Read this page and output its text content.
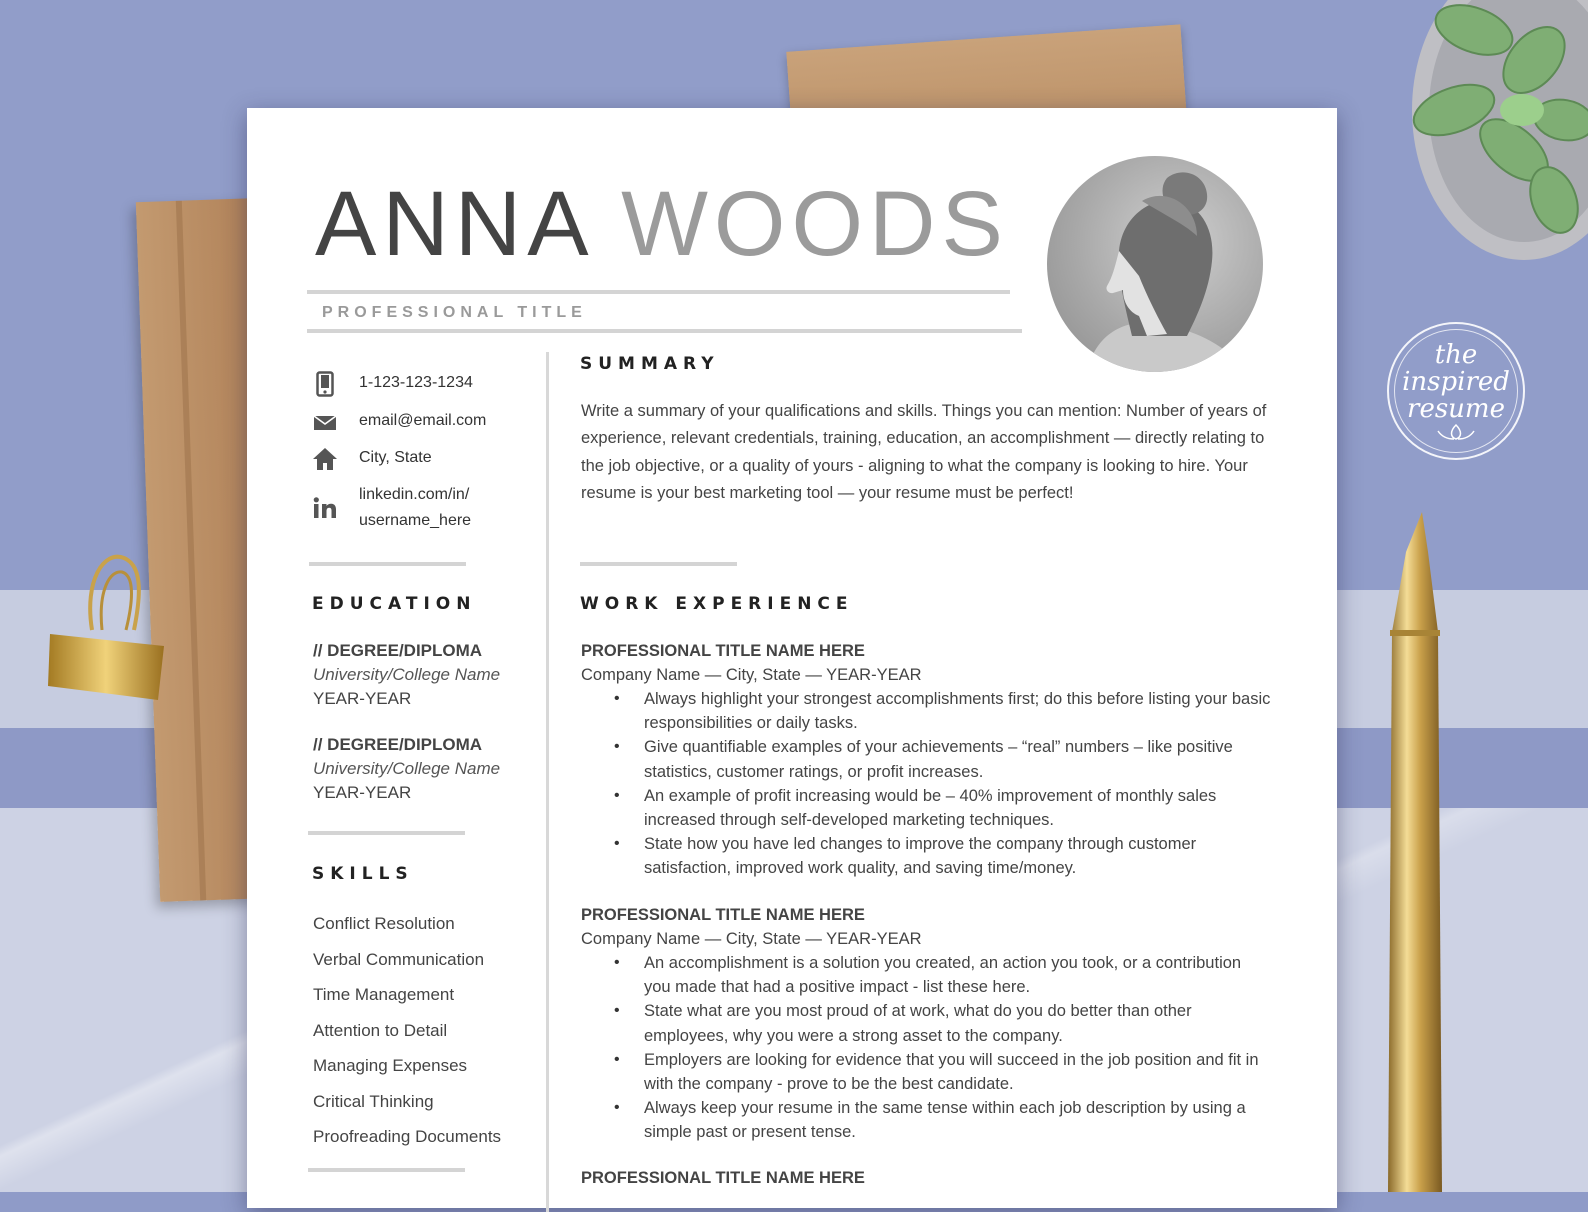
the
inspired
resume
ANNA WOODS
PROFESSIONAL TITLE
1-123-123-1234
email@email.com
City, State
linkedin.com/in/
username_here
EDUCATION
// DEGREE/DIPLOMA
University/College Name
YEAR-YEAR
// DEGREE/DIPLOMA
University/College Name
YEAR-YEAR
SKILLS
Conflict Resolution
Verbal Communication
Time Management
Attention to Detail
Managing Expenses
Critical Thinking
Proofreading Documents
SUMMARY
Write a summary of your qualifications and skills. Things you can mention: Number of years of experience, relevant credentials, training, education, an accomplishment — directly relating to the job objective, or a quality of yours - aligning to what the company is looking to hire. Your resume is your best marketing tool — your resume must be perfect!
WORK EXPERIENCE
PROFESSIONAL TITLE NAME HERE
Company Name — City, State — YEAR-YEAR
• Always highlight your strongest accomplishments first; do this before listing your basic responsibilities or daily tasks.
• Give quantifiable examples of your achievements – “real” numbers – like positive statistics, customer ratings, or profit increases.
• An example of profit increasing would be – 40% improvement of monthly sales increased through self-developed marketing techniques.
• State how you have led changes to improve the company through customer satisfaction, improved work quality, and saving time/money.
PROFESSIONAL TITLE NAME HERE
Company Name — City, State — YEAR-YEAR
• An accomplishment is a solution you created, an action you took, or a contribution you made that had a positive impact - list these here.
• State what are you most proud of at work, what do you do better than other employees, why you were a strong asset to the company.
• Employers are looking for evidence that you will succeed in the job position and fit in with the company - prove to be the best candidate.
• Always keep your resume in the same tense within each job description by using a simple past or present tense.
PROFESSIONAL TITLE NAME HERE
